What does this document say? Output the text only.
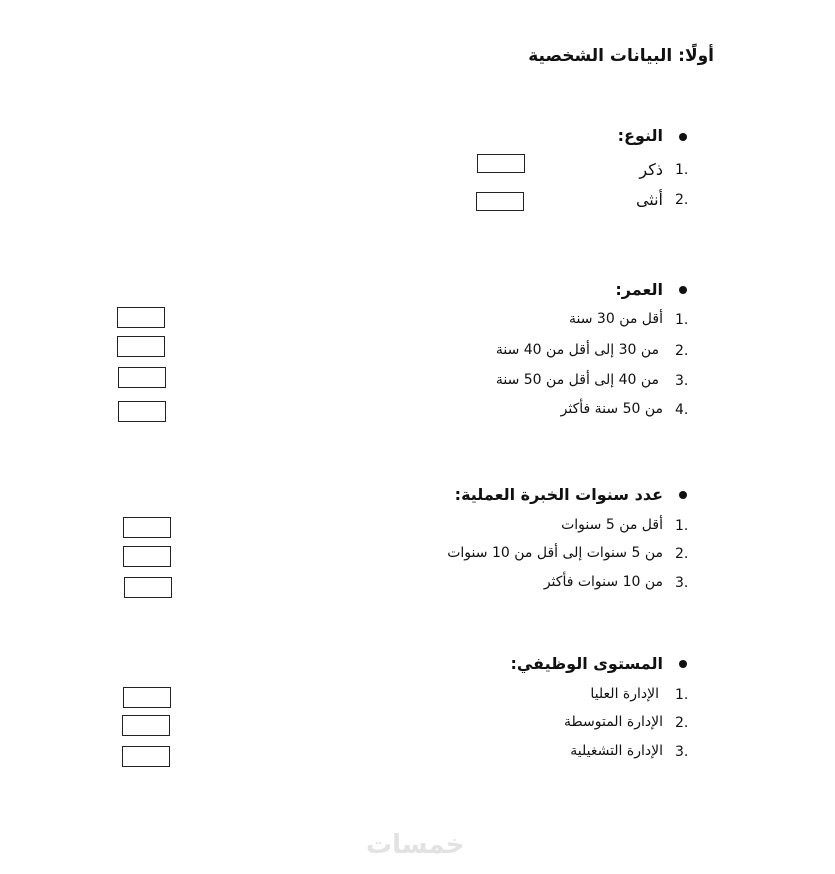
أولًا: البيانات الشخصية
النوع:
1.
ذكر
2.
أنثى
العمر:
1.
أقل من 30 سنة
2.
من 30 إلى أقل من 40 سنة
3.
من 40 إلى أقل من 50 سنة
4.
من 50 سنة فأكثر
عدد سنوات الخبرة العملية:
1.
أقل من 5 سنوات
2.
من 5 سنوات إلى أقل من 10 سنوات
3.
من 10 سنوات فأكثر
المستوى الوظيفي:
1.
الإدارة العليا
2.
الإدارة المتوسطة
3.
الإدارة التشغيلية
خمسات
